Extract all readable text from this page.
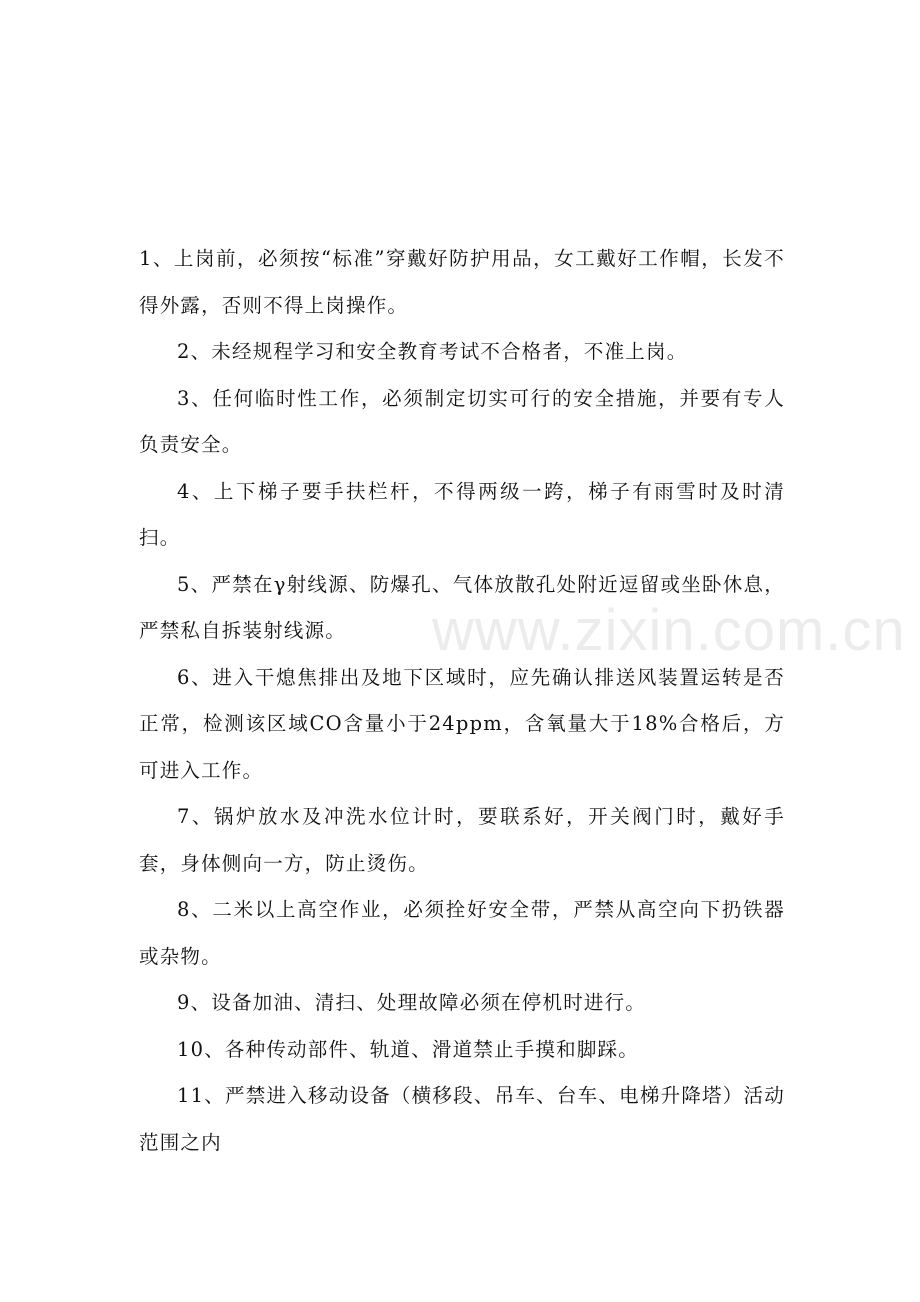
1、上岗前，必须按“标准”穿戴好防护用品，女工戴好工作帽，长发不得外露，否则不得上岗操作。

2、未经规程学习和安全教育考试不合格者，不准上岗。

3、任何临时性工作，必须制定切实可行的安全措施，并要有专人负责安全。

4、上下梯子要手扶栏杆，不得两级一跨，梯子有雨雪时及时清扫。

5、严禁在γ射线源、防爆孔、气体放散孔处附近逗留或坐卧休息，严禁私自拆装射线源。

6、进入干熄焦排出及地下区域时，应先确认排送风装置运转是否正常，检测该区域CO含量小于24ppm，含氧量大于18%合格后，方可进入工作。

7、锅炉放水及冲洗水位计时，要联系好，开关阀门时，戴好手套，身体侧向一方，防止烫伤。

8、二米以上高空作业，必须拴好安全带，严禁从高空向下扔铁器或杂物。

9、设备加油、清扫、处理故障必须在停机时进行。

10、各种传动部件、轨道、滑道禁止手摸和脚踩。

11、严禁进入移动设备（横移段、吊车、台车、电梯升降塔）活动范围之内

www.zixin.com.cn
